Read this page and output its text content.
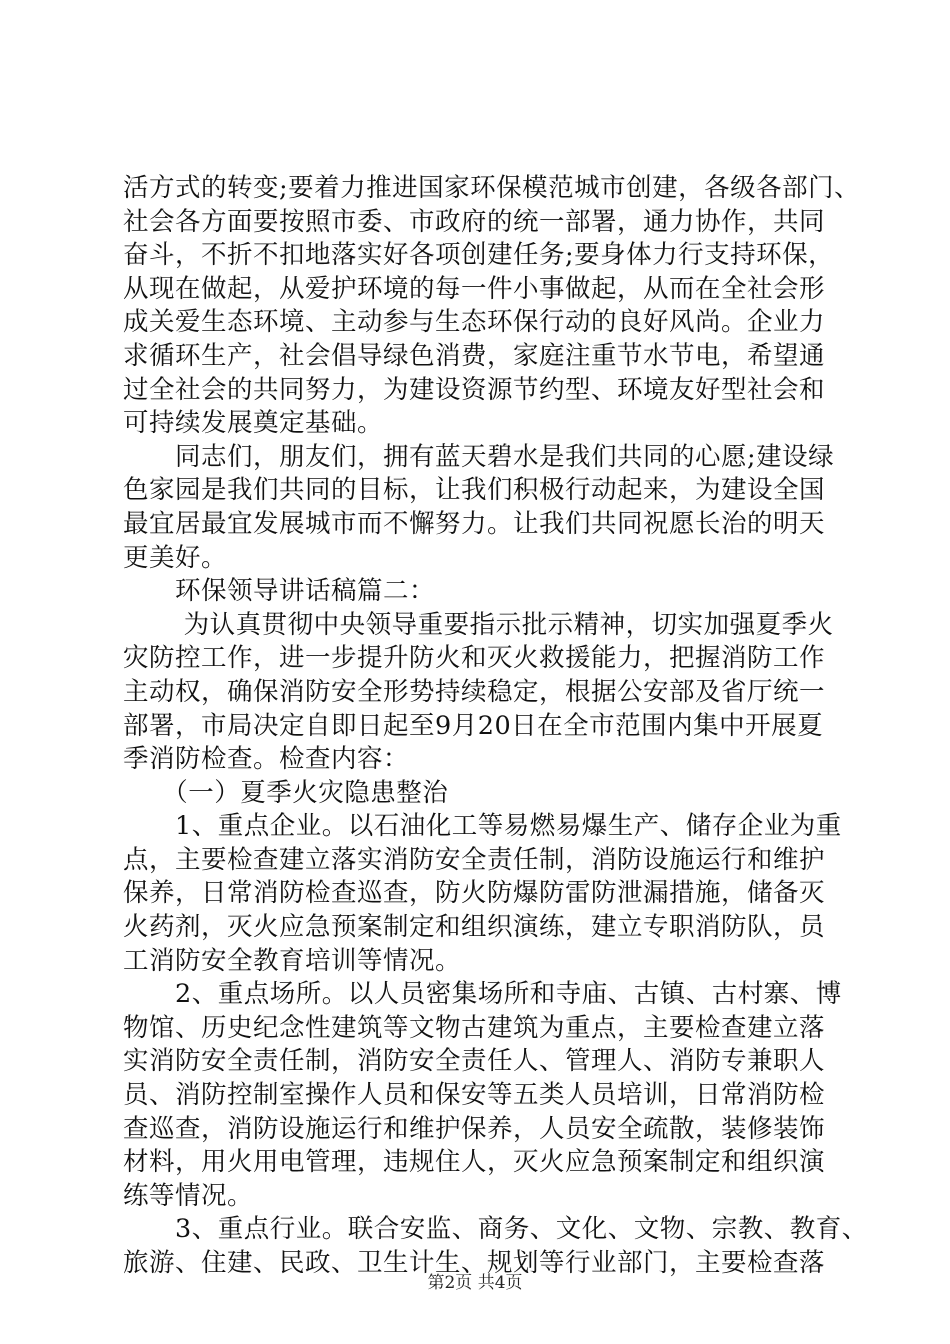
活方式的转变;要着力推进国家环保模范城市创建，各级各部门、
社会各方面要按照市委、市政府的统一部署，通力协作，共同
奋斗，不折不扣地落实好各项创建任务;要身体力行支持环保，
从现在做起，从爱护环境的每一件小事做起，从而在全社会形
成关爱生态环境、主动参与生态环保行动的良好风尚。企业力
求循环生产，社会倡导绿色消费，家庭注重节水节电，希望通
过全社会的共同努力，为建设资源节约型、环境友好型社会和
可持续发展奠定基础。
　　同志们，朋友们，拥有蓝天碧水是我们共同的心愿;建设绿
色家园是我们共同的目标，让我们积极行动起来，为建设全国
最宜居最宜发展城市而不懈努力。让我们共同祝愿长治的明天
更美好。
　　环保领导讲话稿篇二：
　　 为认真贯彻中央领导重要指示批示精神，切实加强夏季火
灾防控工作，进一步提升防火和灭火救援能力，把握消防工作
主动权，确保消防安全形势持续稳定，根据公安部及省厅统一
部署，市局决定自即日起至9月20日在全市范围内集中开展夏
季消防检查。检查内容：
　　（一）夏季火灾隐患整治
　　1、重点企业。以石油化工等易燃易爆生产、储存企业为重
点，主要检查建立落实消防安全责任制，消防设施运行和维护
保养，日常消防检查巡查，防火防爆防雷防泄漏措施，储备灭
火药剂，灭火应急预案制定和组织演练，建立专职消防队，员
工消防安全教育培训等情况。
　　2、重点场所。以人员密集场所和寺庙、古镇、古村寨、博
物馆、历史纪念性建筑等文物古建筑为重点，主要检查建立落
实消防安全责任制，消防安全责任人、管理人、消防专兼职人
员、消防控制室操作人员和保安等五类人员培训，日常消防检
查巡查，消防设施运行和维护保养，人员安全疏散，装修装饰
材料，用火用电管理，违规住人，灭火应急预案制定和组织演
练等情况。
　　3、重点行业。联合安监、商务、文化、文物、宗教、教育、
旅游、住建、民政、卫生计生、规划等行业部门，主要检查落
第2页 共4页
